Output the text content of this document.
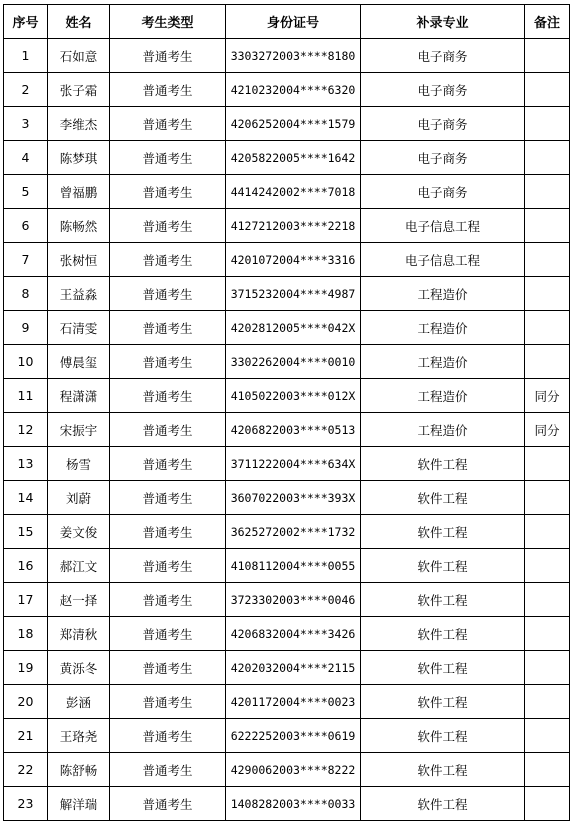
序号	姓名	考生类型	身份证号	补录专业	备注
1	石如意	普通考生	3303272003****8180	电子商务	
2	张子霜	普通考生	4210232004****6320	电子商务	
3	李维杰	普通考生	4206252004****1579	电子商务	
4	陈梦琪	普通考生	4205822005****1642	电子商务	
5	曾福鹏	普通考生	4414242002****7018	电子商务	
6	陈畅然	普通考生	4127212003****2218	电子信息工程	
7	张树恒	普通考生	4201072004****3316	电子信息工程	
8	王益淼	普通考生	3715232004****4987	工程造价	
9	石清雯	普通考生	4202812005****042X	工程造价	
10	傅晨玺	普通考生	3302262004****0010	工程造价	
11	程潇潇	普通考生	4105022003****012X	工程造价	同分
12	宋振宇	普通考生	4206822003****0513	工程造价	同分
13	杨雪	普通考生	3711222004****634X	软件工程	
14	刘蔚	普通考生	3607022003****393X	软件工程	
15	姜文俊	普通考生	3625272002****1732	软件工程	
16	郝江文	普通考生	4108112004****0055	软件工程	
17	赵一择	普通考生	3723302003****0046	软件工程	
18	郑清秋	普通考生	4206832004****3426	软件工程	
19	黄泺冬	普通考生	4202032004****2115	软件工程	
20	彭涵	普通考生	4201172004****0023	软件工程	
21	王珞尧	普通考生	6222252003****0619	软件工程	
22	陈舒畅	普通考生	4290062003****8222	软件工程	
23	解洋瑞	普通考生	1408282003****0033	软件工程	
